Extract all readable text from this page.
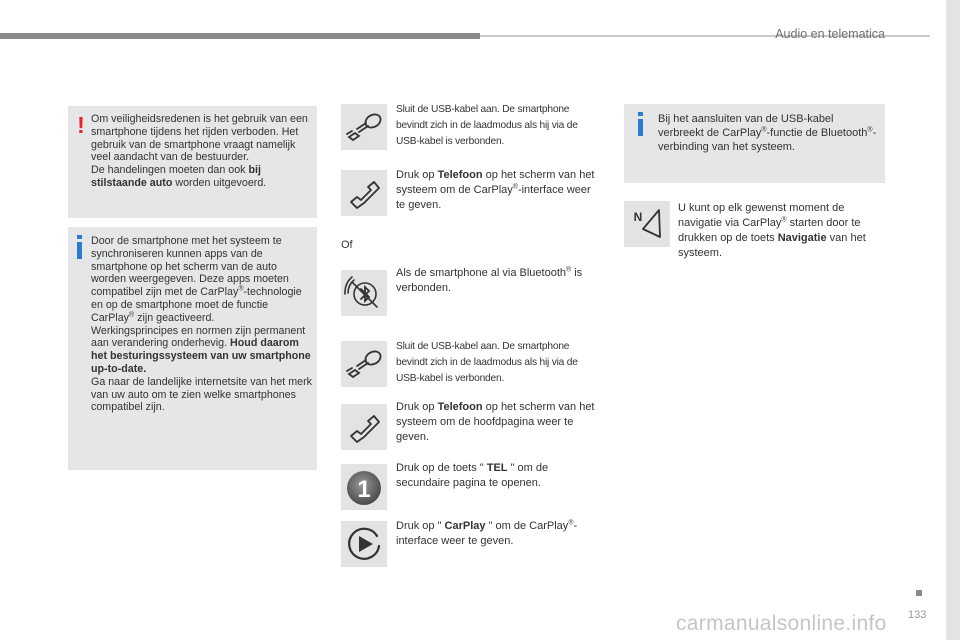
Audio en telematica
! Om veiligheidsredenen is het gebruik van een smartphone tijdens het rijden verboden. Het gebruik van de smartphone vraagt namelijk veel aandacht van de bestuurder.
De handelingen moeten dan ook bij stilstaande auto worden uitgevoerd.
Door de smartphone met het systeem te synchroniseren kunnen apps van de smartphone op het scherm van de auto worden weergegeven. Deze apps moeten compatibel zijn met de CarPlay®-technologie en op de smartphone moet de functie CarPlay® zijn geactiveerd.
Werkingsprincipes en normen zijn permanent aan verandering onderhevig. Houd daarom het besturingssysteem van uw smartphone up-to-date.
Ga naar de landelijke internetsite van het merk van uw auto om te zien welke smartphones compatibel zijn.
Sluit de USB-kabel aan. De smartphone bevindt zich in de laadmodus als hij via de USB-kabel is verbonden.
Druk op Telefoon op het scherm van het systeem om de CarPlay®-interface weer te geven.
Of
Als de smartphone al via Bluetooth® is verbonden.
Sluit de USB-kabel aan. De smartphone bevindt zich in de laadmodus als hij via de USB-kabel is verbonden.
Druk op Telefoon op het scherm van het systeem om de hoofdpagina weer te geven.
1
Druk op de toets " TEL " om de secundaire pagina te openen.
Druk op " CarPlay " om de CarPlay®-interface weer te geven.
Bij het aansluiten van de USB-kabel verbreekt de CarPlay®-functie de Bluetooth®-verbinding van het systeem.
N
U kunt op elk gewenst moment de navigatie via CarPlay® starten door te drukken op de toets Navigatie van het systeem.
133
carmanualsonline.info
